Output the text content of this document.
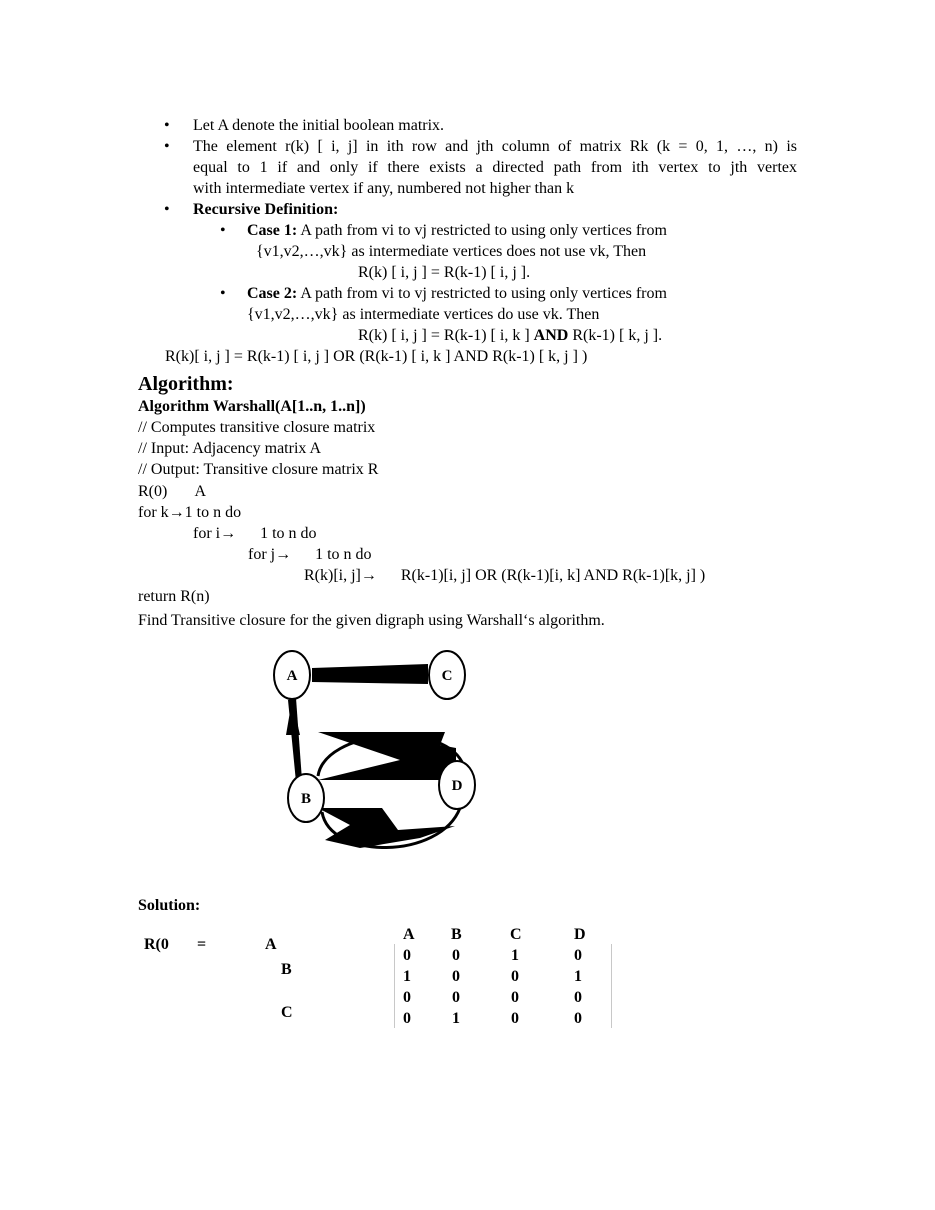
• Let A denote the initial boolean matrix.
• The element r(k) [ i, j] in ith row and jth column of matrix Rk (k = 0, 1, …, n) is
equal to 1 if and only if there exists a directed path from ith vertex to jth vertex
with intermediate vertex if any, numbered not higher than k
• Recursive Definition:
• Case 1: A path from vi to vj restricted to using only vertices from
{v1,v2,…,vk} as intermediate vertices does not use vk, Then
R(k) [ i, j ] = R(k-1) [ i, j ].
• Case 2: A path from vi to vj restricted to using only vertices from
{v1,v2,…,vk} as intermediate vertices do use vk. Then
R(k) [ i, j ] = R(k-1) [ i, k ] AND R(k-1) [ k, j ].
R(k)[ i, j ] = R(k-1) [ i, j ] OR (R(k-1) [ i, k ] AND R(k-1) [ k, j ] )
Algorithm:
Algorithm Warshall(A[1..n, 1..n])
// Computes transitive closure matrix
// Input: Adjacency matrix A
// Output: Transitive closure matrix R
R(0)       A
for k→1 to n do
for i→      1 to n do
for j→      1 to n do
R(k)[i, j]→      R(k-1)[i, j] OR (R(k-1)[i, k] AND R(k-1)[k, j] )
return R(n)
Find Transitive closure for the given digraph using Warshall‘s algorithm.
A	C
B
D
Solution:
R(0 =	A
B
C
A B	C	D
0	0	1	0
1	0	0	1
0	0	0	0
0	1	0	0
